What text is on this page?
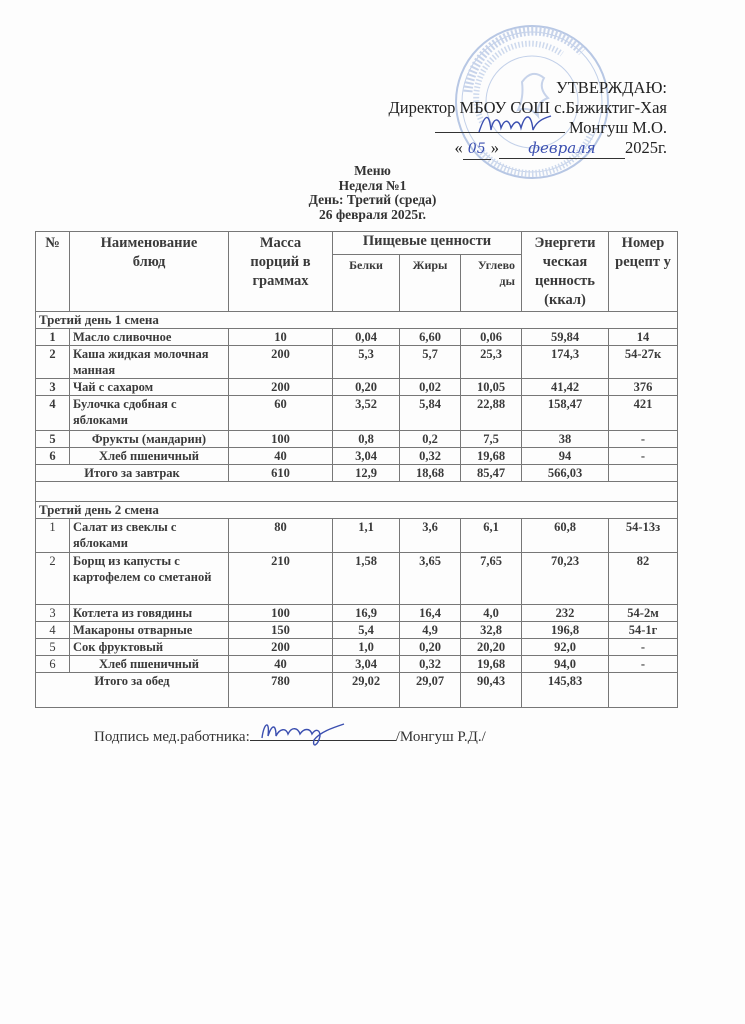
УТВЕРЖДАЮ:
Директор МБОУ СОШ с.Бижиктиг-Хая
Монгуш М.О.
« 05 » февраля 2025г.
Меню
Неделя №1
День: Третий (среда)
26 февраля 2025г.
№	Наименование блюд	Масса порций в граммах	Пищевые ценности			Энергети ческая ценность (ккал)	Номер рецепт у
			Белки	Жиры	Углево ды		
Третий день 1 смена							
1	Масло сливочное	10	0,04	6,60	0,06	59,84	14
2	Каша жидкая молочная манная	200	5,3	5,7	25,3	174,3	54-27к
3	Чай с сахаром	200	0,20	0,02	10,05	41,42	376
4	Булочка сдобная с яблоками	60	3,52	5,84	22,88	158,47	421
5	Фрукты (мандарин)	100	0,8	0,2	7,5	38	-
6	Хлеб пшеничный	40	3,04	0,32	19,68	94	-
Итого за завтрак		610	12,9	18,68	85,47	566,03	

Третий день 2 смена							
1	Салат из свеклы с яблоками	80	1,1	3,6	6,1	60,8	54-13з
2	Борщ из капусты с картофелем со сметаной	210	1,58	3,65	7,65	70,23	82
3	Котлета из говядины	100	16,9	16,4	4,0	232	54-2м
4	Макароны отварные	150	5,4	4,9	32,8	196,8	54-1г
5	Сок фруктовый	200	1,0	0,20	20,20	92,0	-
6	Хлеб пшеничный	40	3,04	0,32	19,68	94,0	-
Итого за обед		780	29,02	29,07	90,43	145,83	
Подпись мед.работника:	/Монгуш Р.Д./
